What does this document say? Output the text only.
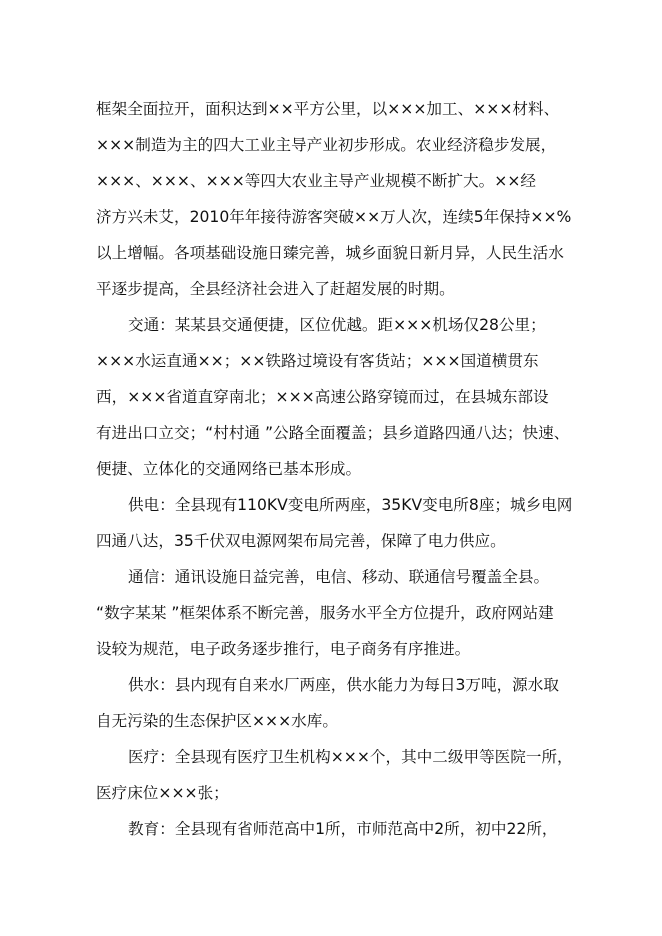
框架全面拉开，面积达到××平方公里，以×××加工、×××材料、

×××制造为主的四大工业主导产业初步形成。农业经济稳步发展，

×××、×××、×××等四大农业主导产业规模不断扩大。××经

济方兴未艾，2010年年接待游客突破××万人次，连续5年保持××%

以上增幅。各项基础设施日臻完善，城乡面貌日新月异，人民生活水

平逐步提高，全县经济社会进入了赶超发展的时期。

交通：某某县交通便捷，区位优越。距×××机场仅28公里；

×××水运直通××；××铁路过境设有客货站；×××国道横贯东

西，×××省道直穿南北；×××高速公路穿镜而过，在县城东部设

有进出口立交；“村村通 ”公路全面覆盖；县乡道路四通八达；快速、

便捷、立体化的交通网络已基本形成。

供电：全县现有110KV变电所两座，35KV变电所8座；城乡电网

四通八达，35千伏双电源网架布局完善，保障了电力供应。

通信：通讯设施日益完善，电信、移动、联通信号覆盖全县。

“数字某某 ”框架体系不断完善，服务水平全方位提升，政府网站建

设较为规范，电子政务逐步推行，电子商务有序推进。

供水：县内现有自来水厂两座，供水能力为每日3万吨，源水取

自无污染的生态保护区×××水库。

医疗：全县现有医疗卫生机构×××个，其中二级甲等医院一所，

医疗床位×××张；

教育：全县现有省师范高中1所，市师范高中2所，初中22所，
